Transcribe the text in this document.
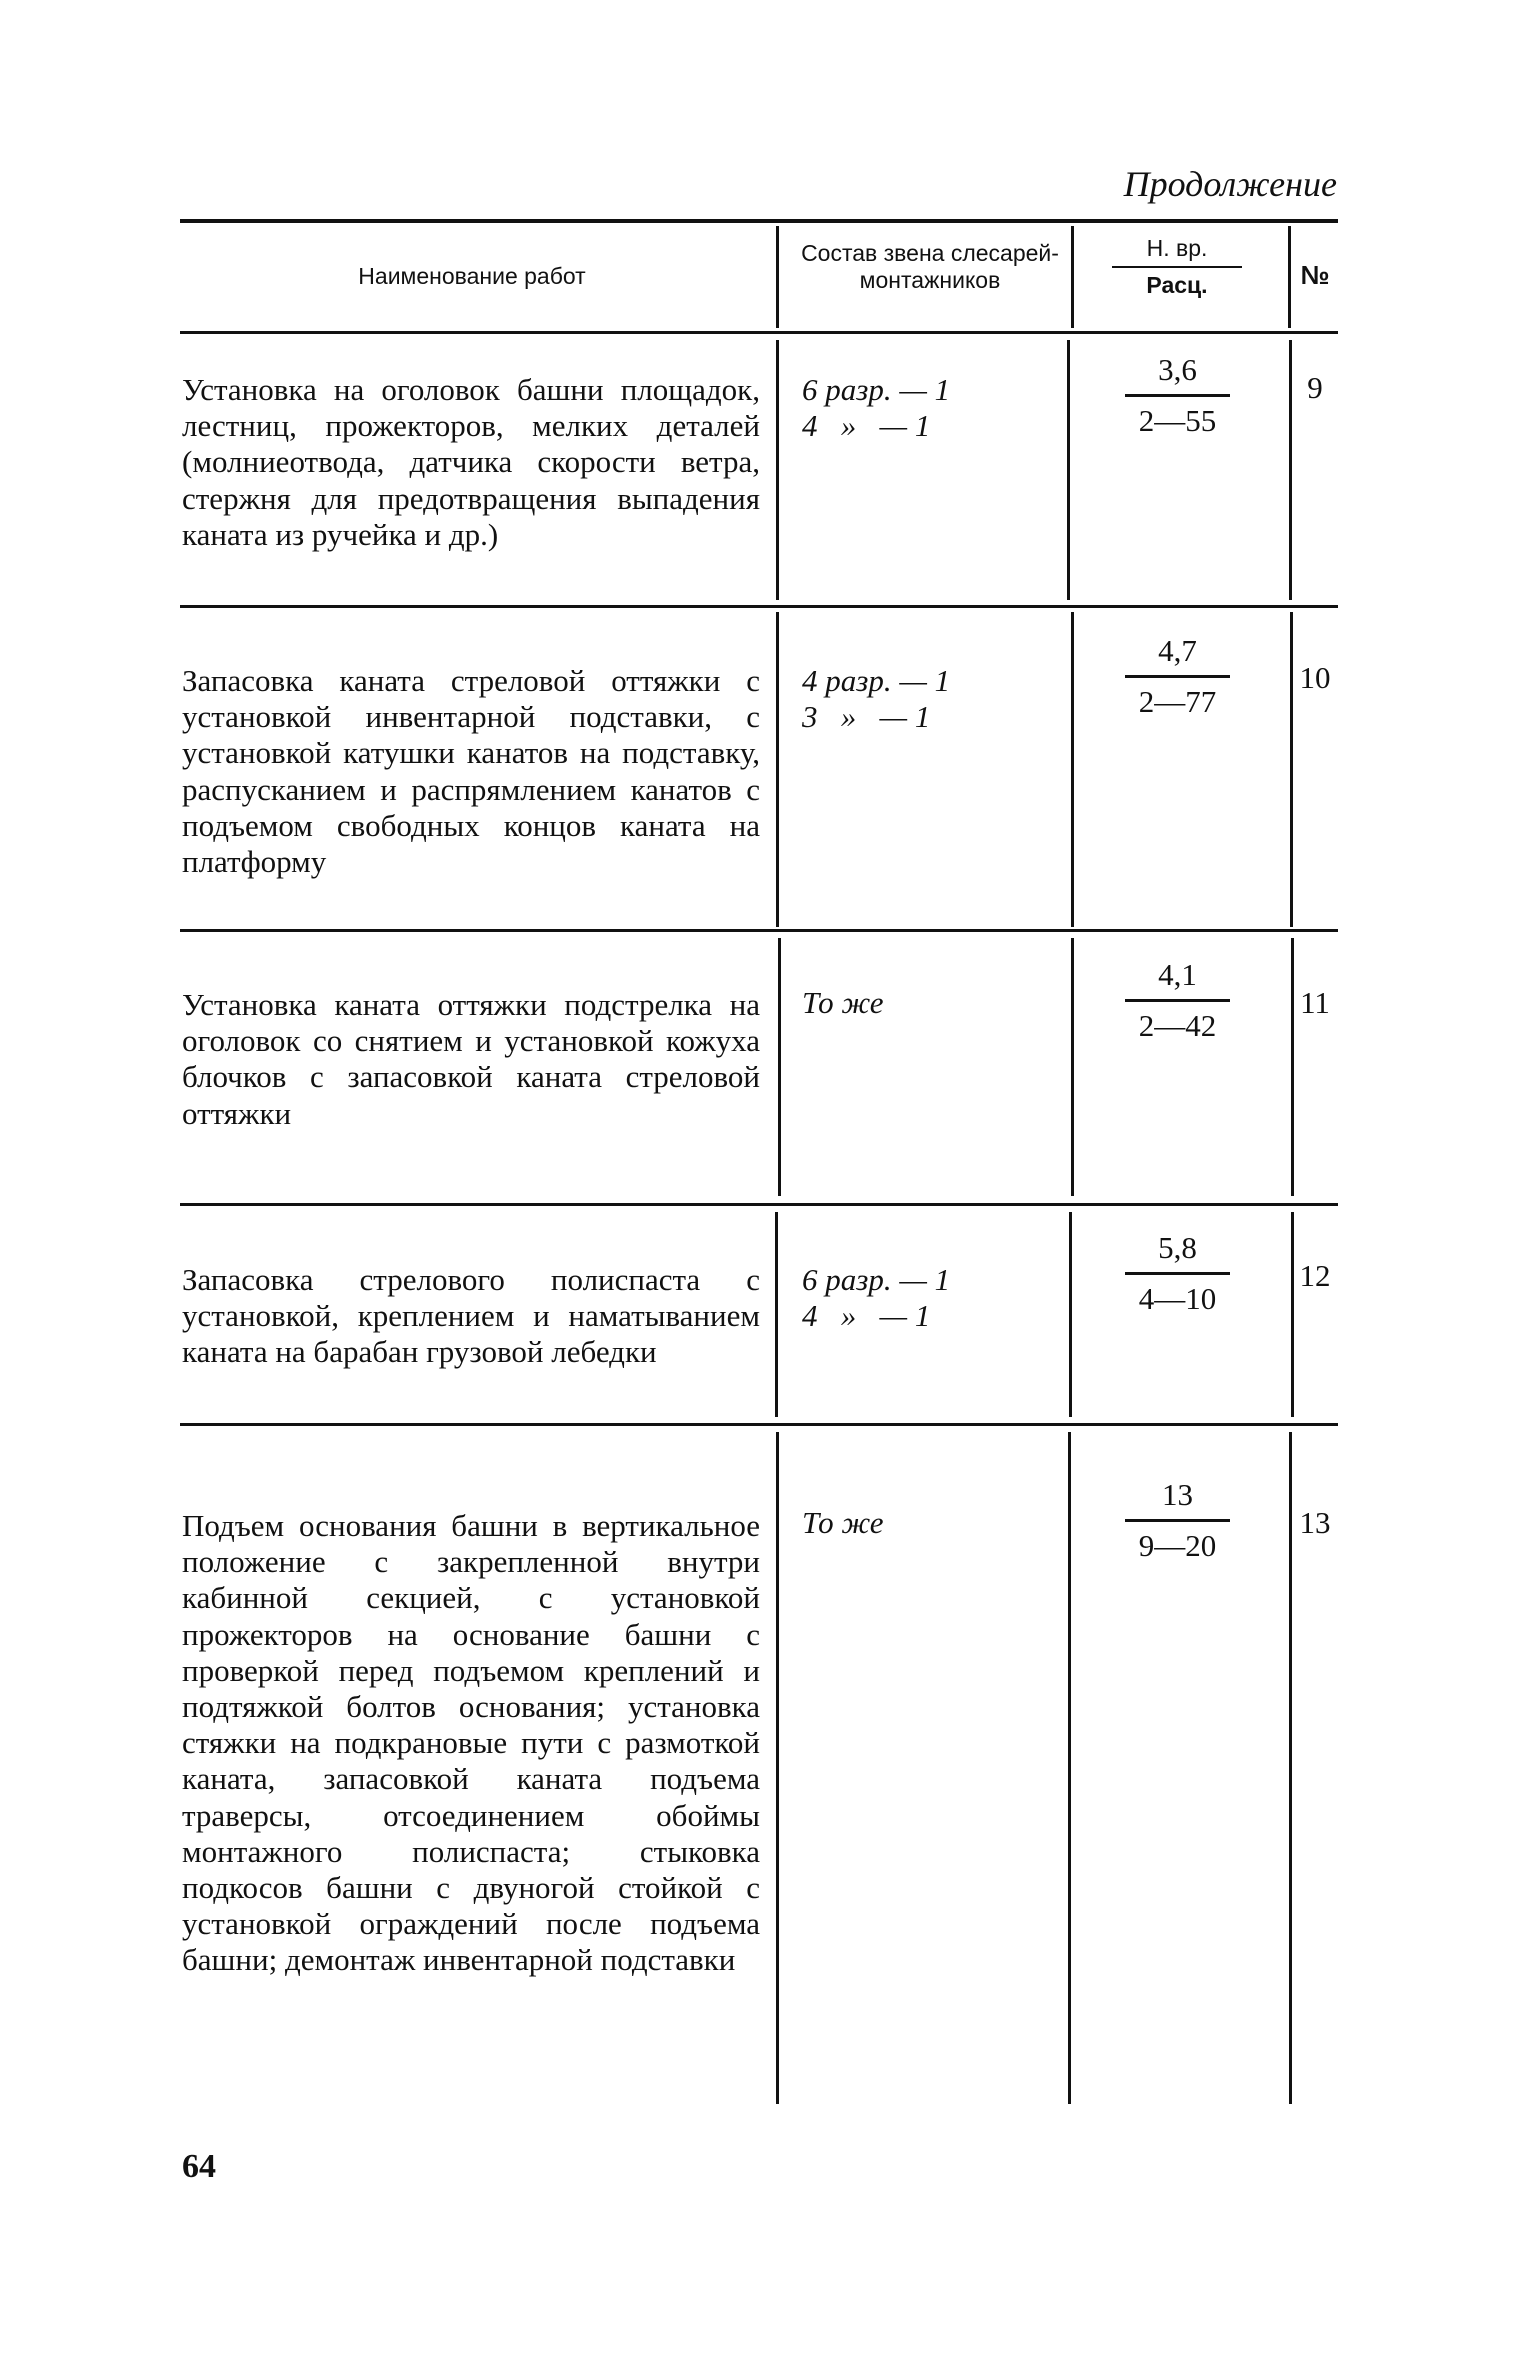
Продолжение
Наименование работ
Состав звена слесарей-монтажников
Н. вр.
Расц.	№
Установка на оголовок башни площадок, лестниц, прожекторов, мелких деталей (молниеотвода, датчика скорости ветра, стержня для предотвращения выпадения каната из ручейка и др.)
6 разр. — 1
4   »   — 1
3,6
2—55
9
Запасовка каната стреловой оттяжки с установкой инвентарной подставки, с установкой катушки канатов на подставку, распусканием и распрямлением канатов с подъемом свободных концов каната на платформу
4 разр. — 1
3   »   — 1
4,7
2—77
10
Установка каната оттяжки подстрелка на оголовок со снятием и установкой кожуха блочков с запасовкой каната стреловой оттяжки
То же
4,1
2—42
11
Запасовка стрелового полиспаста с установкой, креплением и наматыванием каната на барабан грузовой лебедки
6 разр. — 1
4   »   — 1
5,8
4—10
12
Подъем основания башни в вертикальное положение с закрепленной внутри кабинной секцией, с установкой прожекторов на основание башни с проверкой перед подъемом креплений и подтяжкой болтов основания; установка стяжки на подкрановые пути с размоткой каната, запасовкой каната подъема траверсы, отсоединением обоймы монтажного полиспаста; стыковка подкосов башни с двуногой стойкой с установкой ограждений после подъема башни; демонтаж инвентарной подставки
То же
13
9—20
13
64
